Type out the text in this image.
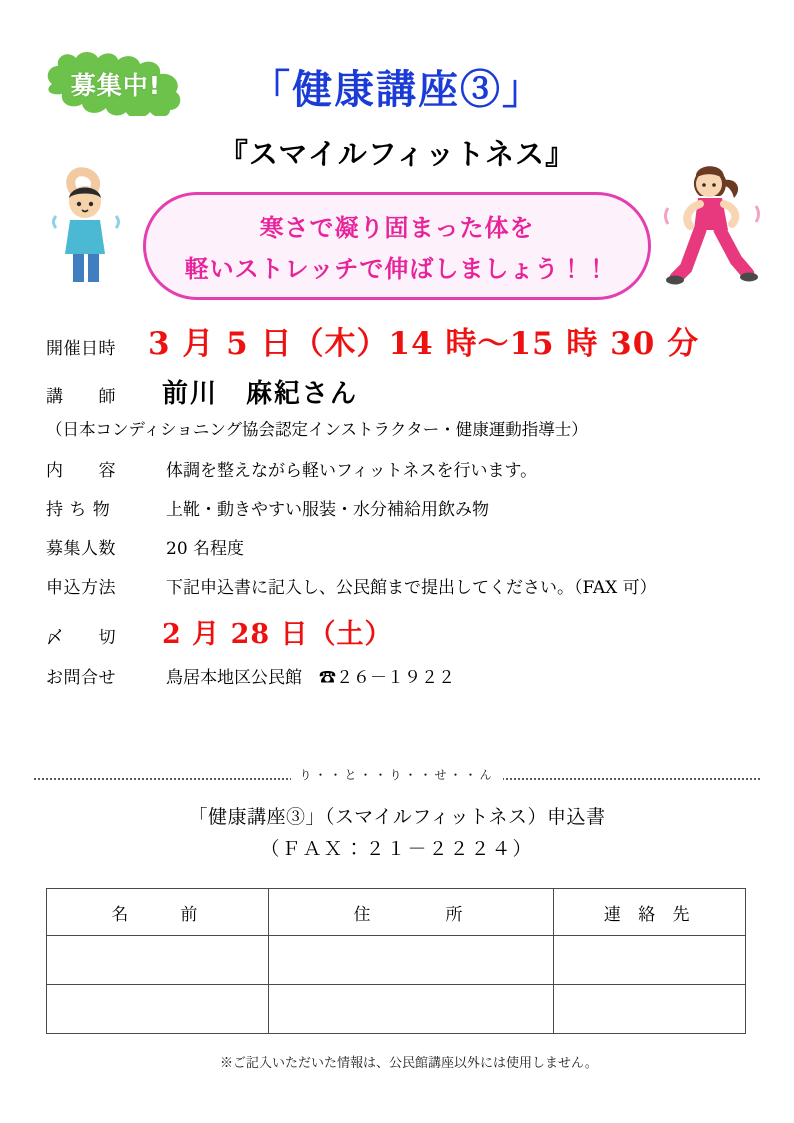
募集中!	「健康講座③」
『スマイルフィットネス』
寒さで凝り固まった体を
軽いストレッチで伸ばしましょう！！
開催日時	3 月 5 日（木）14 時～15 時 30 分
講　　師	前川　麻紀さん
（日本コンディショニング協会認定インストラクター・健康運動指導士）
内　　容	体調を整えながら軽いフィットネスを行います。
持 ち 物	上靴・動きやすい服装・水分補給用飲み物
募集人数	20 名程度
申込方法	下記申込書に記入し、公民館まで提出してください。（FAX 可）
〆　　切	2 月 28 日（土）
お問合せ	鳥居本地区公民館　☎２６－１９２２
り・・と・・り・・せ・・ん
「健康講座③」（スマイルフィットネス）申込書
（ＦＡＸ：２１－２２２４）
名　　前	住　　　所	連 絡 先

※ご記入いただいた情報は、公民館講座以外には使用しません。
